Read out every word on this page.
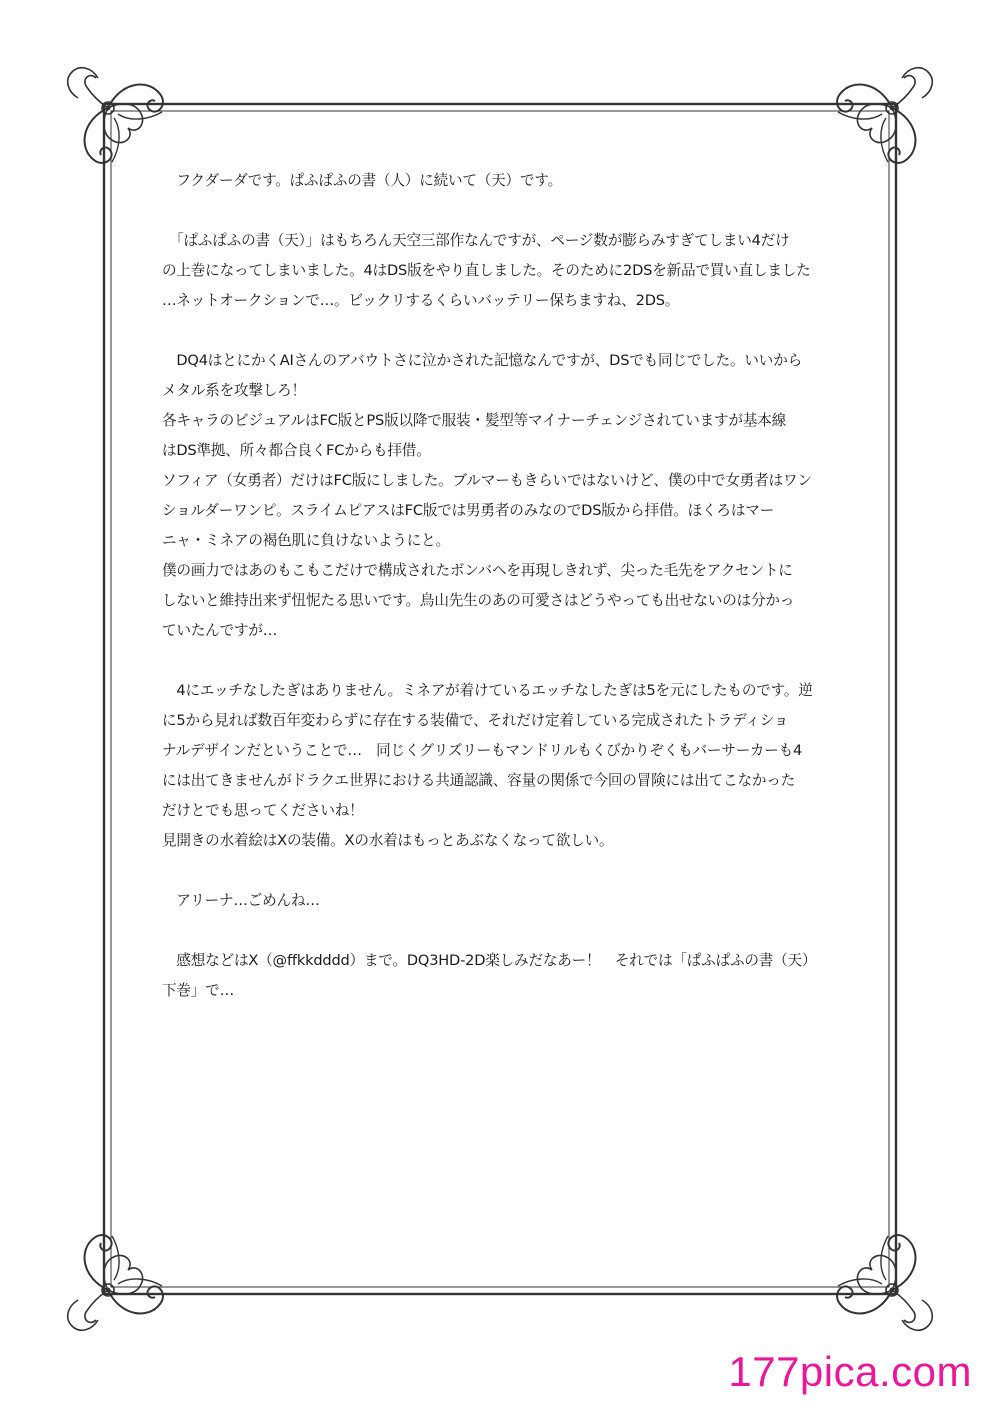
　フクダーダです。ぱふぱふの書（人）に続いて（天）です。
　「ぱふぱふの書（天）」はもちろん天空三部作なんですが、ページ数が膨らみすぎてしまい4だけ
の上巻になってしまいました。4はDS版をやり直しました。そのために2DSを新品で買い直しました
…ネットオークションで…。ビックリするくらいバッテリー保ちますね、2DS。
　DQ4はとにかくAIさんのアバウトさに泣かされた記憶なんですが、DSでも同じでした。いいから
メタル系を攻撃しろ！
各キャラのビジュアルはFC版とPS版以降で服装・髪型等マイナーチェンジされていますが基本線
はDS準拠、所々都合良くFCからも拝借。
ソフィア（女勇者）だけはFC版にしました。ブルマーもきらいではないけど、僕の中で女勇者はワン
ショルダーワンピ。スライムピアスはFC版では男勇者のみなのでDS版から拝借。ほくろはマー
ニャ・ミネアの褐色肌に負けないようにと。
僕の画力ではあのもこもこだけで構成されたボンバヘを再現しきれず、尖った毛先をアクセントに
しないと維持出来ず忸怩たる思いです。鳥山先生のあの可愛さはどうやっても出せないのは分かっ
ていたんですが…
　4にエッチなしたぎはありません。ミネアが着けているエッチなしたぎは5を元にしたものです。逆
に5から見れば数百年変わらずに存在する装備で、それだけ定着している完成されたトラディショ
ナルデザインだということで…　同じくグリズリーもマンドリルもくびかりぞくもバーサーカーも4
には出てきませんがドラクエ世界における共通認識、容量の関係で今回の冒険には出てこなかった
だけとでも思ってくださいね！
見開きの水着絵はXの装備。Xの水着はもっとあぶなくなって欲しい。
　アリーナ…ごめんね…
　感想などはX（@ffkkdddd）まで。DQ3HD-2D楽しみだなあー！　それでは「ぱふぱふの書（天）
下巻」で…
177pica.com
